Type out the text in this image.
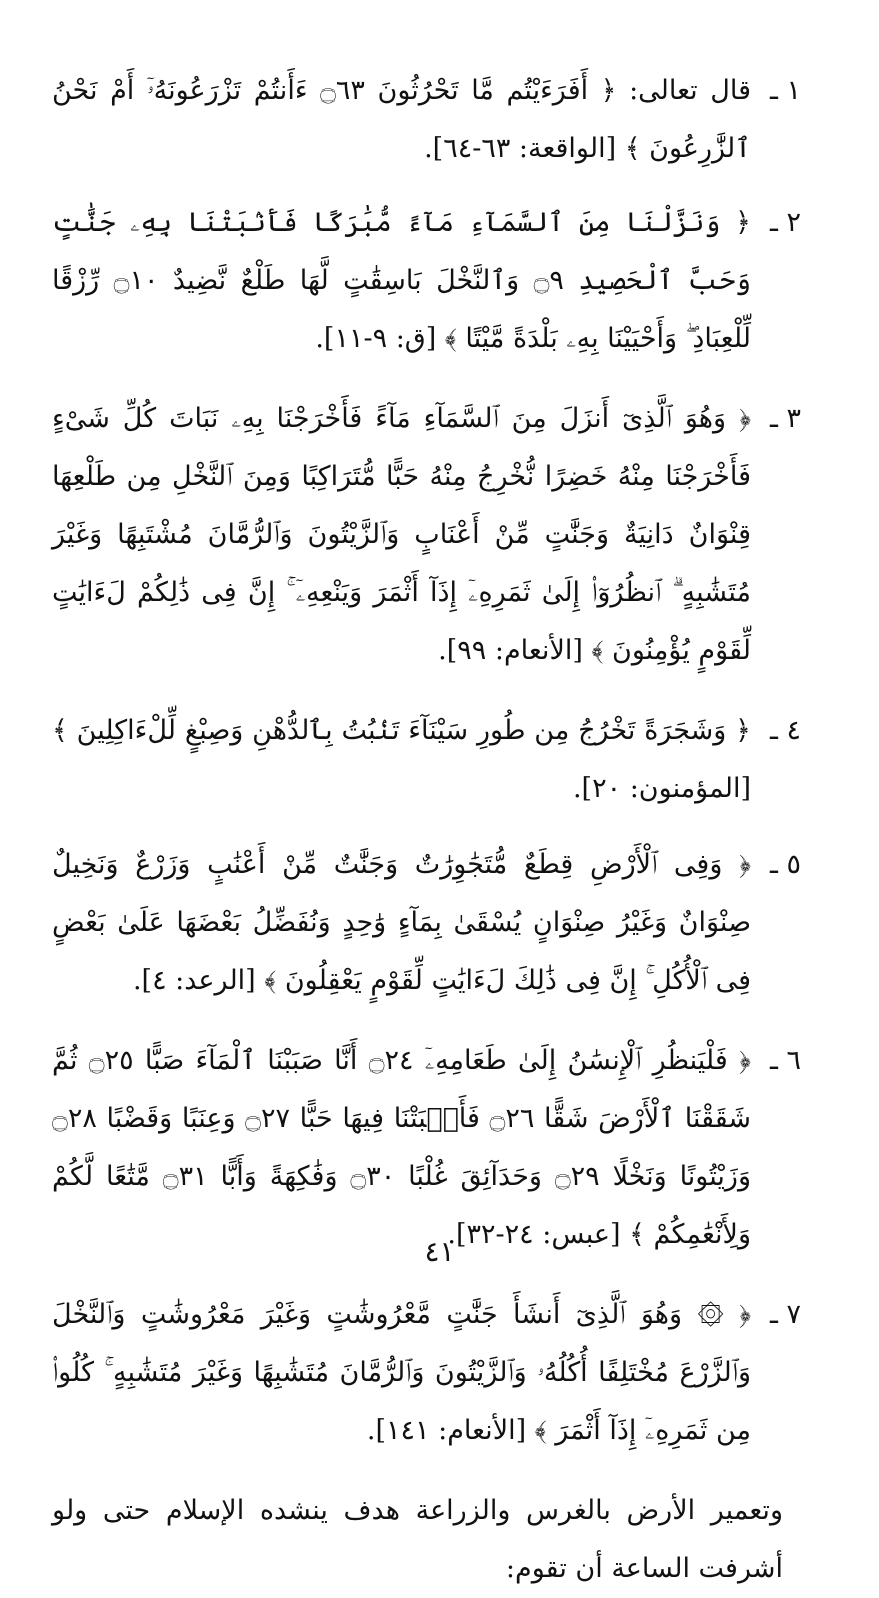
١ ـ
قال تعالى: ﴿ أَفَرَءَيْتُم مَّا تَحْرُثُونَ ۝٦٣ ءَأَنتُمْ تَزْرَعُونَهُۥٓ أَمْ نَحْنُ ٱلزَّٰرِعُونَ ﴾ [الواقعة: ٦٣-٦٤].
٢ ـ
﴿ وَنَزَّلْنَا مِنَ ٱلسَّمَآءِ مَآءً مُّبَٰرَكًا فَأَنۢبَتْنَا بِهِۦ جَنَّٰتٍ وَحَبَّ ٱلْحَصِيدِ ۝٩ وَٱلنَّخْلَ بَاسِقَٰتٍ لَّهَا طَلْعٌ نَّضِيدٌ ۝١٠ رِّزْقًا لِّلْعِبَادِ ۖ وَأَحْيَيْنَا بِهِۦ بَلْدَةً مَّيْتًا ﴾ [ق: ٩-١١].
٣ ـ
﴿ وَهُوَ ٱلَّذِىٓ أَنزَلَ مِنَ ٱلسَّمَآءِ مَآءً فَأَخْرَجْنَا بِهِۦ نَبَاتَ كُلِّ شَىْءٍ فَأَخْرَجْنَا مِنْهُ خَضِرًا نُّخْرِجُ مِنْهُ حَبًّا مُّتَرَاكِبًا وَمِنَ ٱلنَّخْلِ مِن طَلْعِهَا قِنْوَانٌ دَانِيَةٌ وَجَنَّٰتٍ مِّنْ أَعْنَابٍ وَٱلزَّيْتُونَ وَٱلرُّمَّانَ مُشْتَبِهًا وَغَيْرَ مُتَشَٰبِهٍ ۗ ٱنظُرُوٓا۟ إِلَىٰ ثَمَرِهِۦٓ إِذَآ أَثْمَرَ وَيَنْعِهِۦٓ ۚ إِنَّ فِى ذَٰلِكُمْ لَءَايَٰتٍ لِّقَوْمٍ يُؤْمِنُونَ ﴾ [الأنعام: ٩٩].
٤ ـ
﴿ وَشَجَرَةً تَخْرُجُ مِن طُورِ سَيْنَآءَ تَنۢبُتُ بِٱلدُّهْنِ وَصِبْغٍ لِّلْءَاكِلِينَ ﴾ [المؤمنون: ٢٠].
٥ ـ
﴿ وَفِى ٱلْأَرْضِ قِطَعٌ مُّتَجَٰوِرَٰتٌ وَجَنَّٰتٌ مِّنْ أَعْنَٰبٍ وَزَرْعٌ وَنَخِيلٌ صِنْوَانٌ وَغَيْرُ صِنْوَانٍ يُسْقَىٰ بِمَآءٍ وَٰحِدٍ وَنُفَضِّلُ بَعْضَهَا عَلَىٰ بَعْضٍ فِى ٱلْأُكُلِ ۚ إِنَّ فِى ذَٰلِكَ لَءَايَٰتٍ لِّقَوْمٍ يَعْقِلُونَ ﴾ [الرعد: ٤].
٦ ـ
﴿ فَلْيَنظُرِ ٱلْإِنسَٰنُ إِلَىٰ طَعَامِهِۦٓ ۝٢٤ أَنَّا صَبَبْنَا ٱلْمَآءَ صَبًّا ۝٢٥ ثُمَّ شَقَقْنَا ٱلْأَرْضَ شَقًّا ۝٢٦ فَأَنۢبَتْنَا فِيهَا حَبًّا ۝٢٧ وَعِنَبًا وَقَضْبًا ۝٢٨ وَزَيْتُونًا وَنَخْلًا ۝٢٩ وَحَدَآئِقَ غُلْبًا ۝٣٠ وَفَٰكِهَةً وَأَبًّا ۝٣١ مَّتَٰعًا لَّكُمْ وَلِأَنْعَٰمِكُمْ ﴾ [عبس: ٢٤-٣٢].
٧ ـ
﴿ ۞ وَهُوَ ٱلَّذِىٓ أَنشَأَ جَنَّٰتٍ مَّعْرُوشَٰتٍ وَغَيْرَ مَعْرُوشَٰتٍ وَٱلنَّخْلَ وَٱلزَّرْعَ مُخْتَلِفًا أُكُلُهُۥ وَٱلزَّيْتُونَ وَٱلرُّمَّانَ مُتَشَٰبِهًا وَغَيْرَ مُتَشَٰبِهٍ ۚ كُلُوا۟ مِن ثَمَرِهِۦٓ إِذَآ أَثْمَرَ ﴾ [الأنعام: ١٤١].

وتعمير الأرض بالغرس والزراعة هدف ينشده الإسلام حتى ولو أشرفت الساعة أن تقوم:

٤١
